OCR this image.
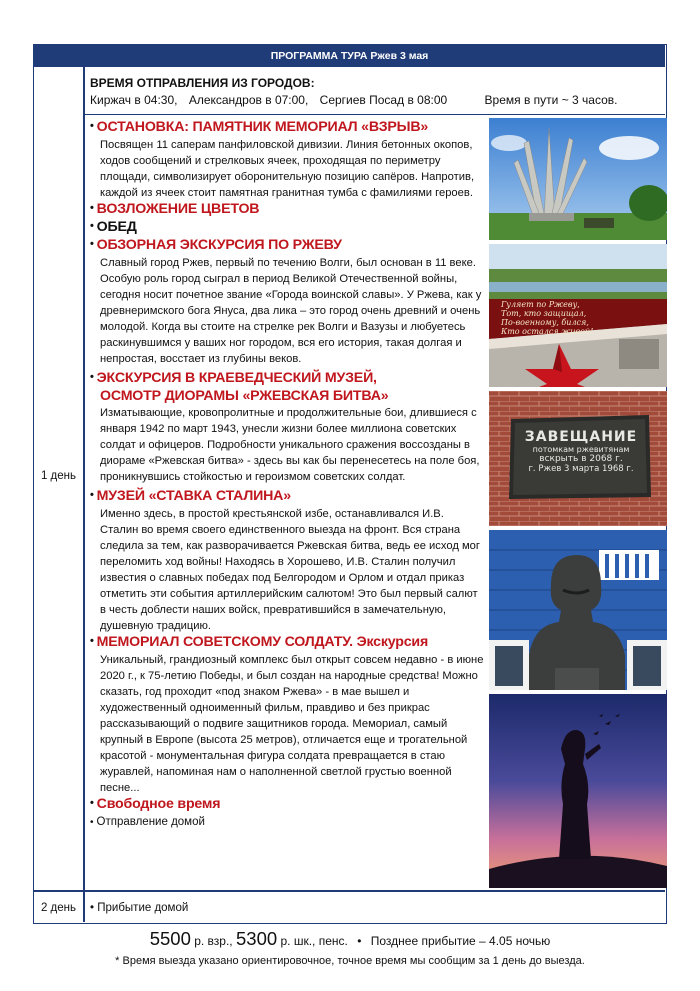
ПРОГРАММА ТУРА Ржев 3 мая
1 день
2 день	• Прибытие домой
ВРЕМЯ ОТПРАВЛЕНИЯ ИЗ ГОРОДОВ:
Киржач в 04:30, Александров в 07:00, Сергиев Посад в 08:00	Время в пути ~ 3 часов.
• ОСТАНОВКА: ПАМЯТНИК МЕМОРИАЛ «ВЗРЫВ»
Посвящен 11 саперам панфиловской дивизии. Линия бетонных окопов, ходов сообщений и стрелковых ячеек, проходящая по периметру площади, символизирует оборонительную позицию сапёров. Напротив, каждой из ячеек стоит памятная гранитная тумба с фамилиями героев.
• ВОЗЛОЖЕНИЕ ЦВЕТОВ
• ОБЕД
• ОБЗОРНАЯ ЭКСКУРСИЯ ПО РЖЕВУ
Славный город Ржев, первый по течению Волги, был основан в 11 веке. Особую роль город сыграл в период Великой Отечественной войны, сегодня носит почетное звание «Города воинской славы». У Ржева, как у древнеримского бога Януса, два лика – это город очень древний и очень молодой. Когда вы стоите на стрелке рек Волги и Вазузы и любуетесь раскинувшимся у ваших ног городом, вся его история, такая долгая и непростая, восстает из глубины веков.
• ЭКСКУРСИЯ В КРАЕВЕДЧЕСКИЙ МУЗЕЙ,
ОСМОТР ДИОРАМЫ «РЖЕВСКАЯ БИТВА»
Изматывающие, кровопролитные и продолжительные бои, длившиеся с января 1942 по март 1943, унесли жизни более миллиона советских солдат и офицеров. Подробности уникального сражения воссозданы в диораме «Ржевская битва» - здесь вы как бы перенесетесь на поле боя, проникнувшись стойкостью и героизмом советских солдат.
• МУЗЕЙ «СТАВКА СТАЛИНА»
Именно здесь, в простой крестьянской избе, останавливался И.В. Сталин во время своего единственного выезда на фронт. Вся страна следила за тем, как разворачивается Ржевская битва, ведь ее исход мог переломить ход войны! Находясь в Хорошево, И.В. Сталин получил известия о славных победах под Белгородом и Орлом и отдал приказ отметить эти события артиллерийским салютом! Это был первый салют в честь доблести наших войск, превратившийся в замечательную, душевную традицию.
• МЕМОРИАЛ СОВЕТСКОМУ СОЛДАТУ. Экскурсия
Уникальный, грандиозный комплекс был открыт совсем недавно - в июне 2020 г., к 75-летию Победы, и был создан на народные средства! Можно сказать, год проходит «под знаком Ржева» - в мае вышел и художественный одноименный фильм, правдиво и без прикрас рассказывающий о подвиге защитников города. Мемориал, самый крупный в Европе (высота 25 метров), отличается еще и трогательной красотой - монументальная фигура солдата превращается в стаю журавлей, напоминая нам о наполненной светлой грустью военной песне...
• Свободное время
• Отправление домой
Гуляет по Ржеву,
Тот, кто защищал,
По-военному, бился,
Кто остался живой!
ЗАВЕЩАНИЕ
потомкам ржевитянам
вскрыть в 2068 г.
г. Ржев 3 марта 1968 г.
5500 р. взр., 5300 р. шк., пенс. • Позднее прибытие – 4.05 ночью
* Время выезда указано ориентировочное, точное время мы сообщим за 1 день до выезда.
